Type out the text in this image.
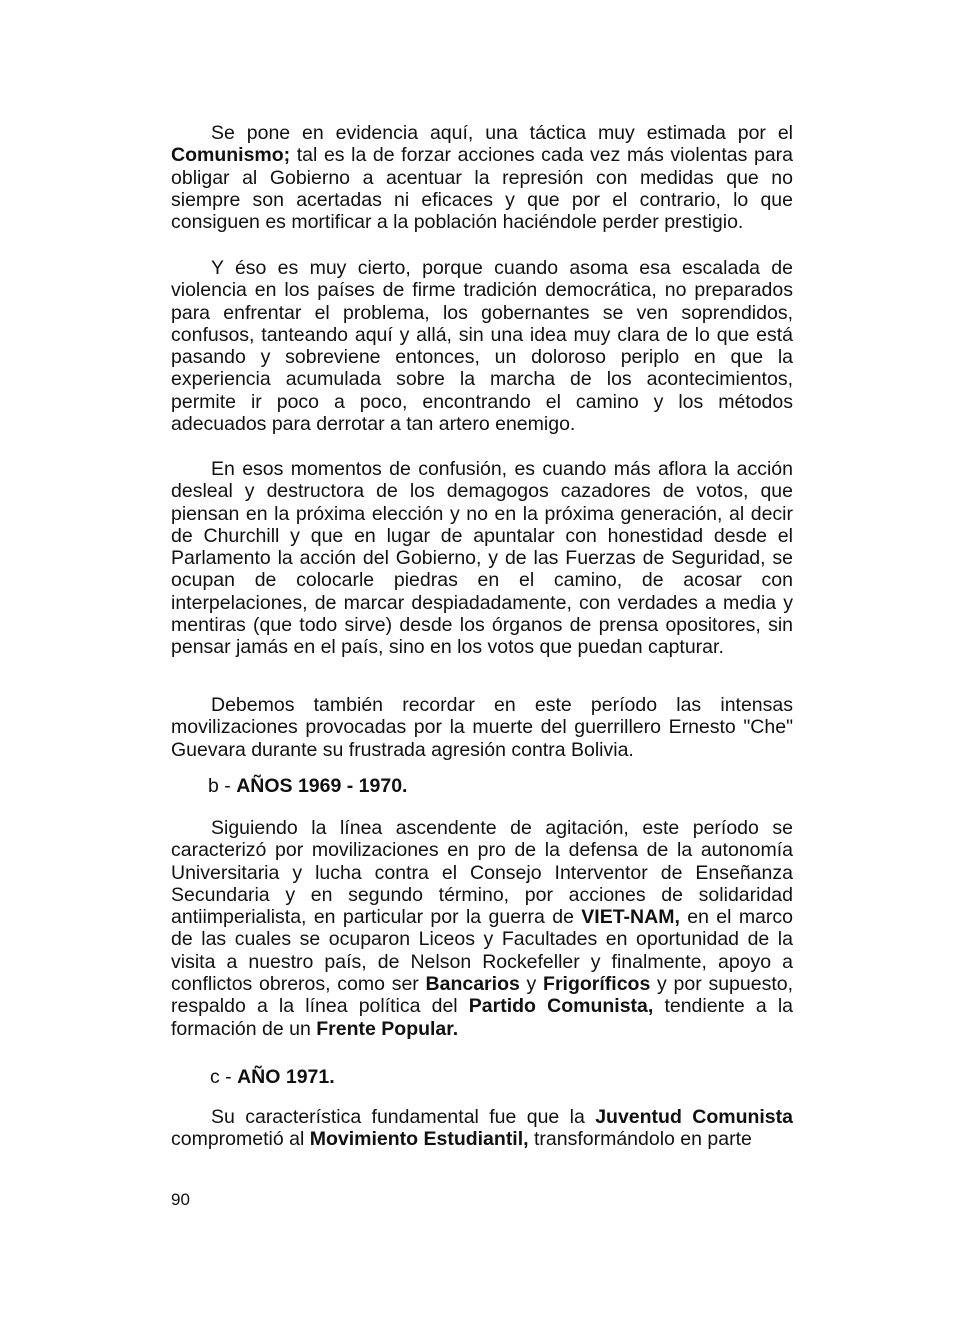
Se pone en evidencia aquí, una táctica muy estimada por el Comunismo; tal es la de forzar acciones cada vez más violentas para obligar al Gobierno a acentuar la represión con medidas que no siempre son acertadas ni eficaces y que por el contrario, lo que consiguen es mortificar a la población haciéndole perder prestigio.

Y éso es muy cierto, porque cuando asoma esa escalada de violencia en los países de firme tradición democrática, no preparados para enfrentar el problema, los gobernantes se ven soprendidos, confusos, tanteando aquí y allá, sin una idea muy clara de lo que está pasando y sobreviene entonces, un doloroso periplo en que la experiencia acumulada sobre la marcha de los acontecimientos, permite ir poco a poco, encontrando el camino y los métodos adecuados para derrotar a tan artero enemigo.

En esos momentos de confusión, es cuando más aflora la acción desleal y destructora de los demagogos cazadores de votos, que piensan en la próxima elección y no en la próxima generación, al decir de Churchill y que en lugar de apuntalar con honestidad desde el Parlamento la acción del Gobierno, y de las Fuerzas de Seguridad, se ocupan de colocarle piedras en el camino, de acosar con interpelaciones, de marcar despiadadamente, con verdades a media y mentiras (que todo sirve) desde los órganos de prensa opositores, sin pensar jamás en el país, sino en los votos que puedan capturar.

Debemos también recordar en este período las intensas movilizaciones provocadas por la muerte del guerrillero Ernesto "Che" Guevara durante su frustrada agresión contra Bolivia.

b - AÑOS 1969 - 1970.

Siguiendo la línea ascendente de agitación, este período se caracterizó por movilizaciones en pro de la defensa de la autonomía Universitaria y lucha contra el Consejo Interventor de Enseñanza Secundaria y en segundo término, por acciones de solidaridad antiimperialista, en particular por la guerra de VIET-NAM, en el marco de las cuales se ocuparon Liceos y Facultades en oportunidad de la visita a nuestro país, de Nelson Rockefeller y finalmente, apoyo a conflictos obreros, como ser Bancarios y Frigoríficos y por supuesto, respaldo a la línea política del Partido Comunista, tendiente a la formación de un Frente Popular.

c - AÑO 1971.

Su característica fundamental fue que la Juventud Comunista comprometió al Movimiento Estudiantil, transformándolo en parte

90
